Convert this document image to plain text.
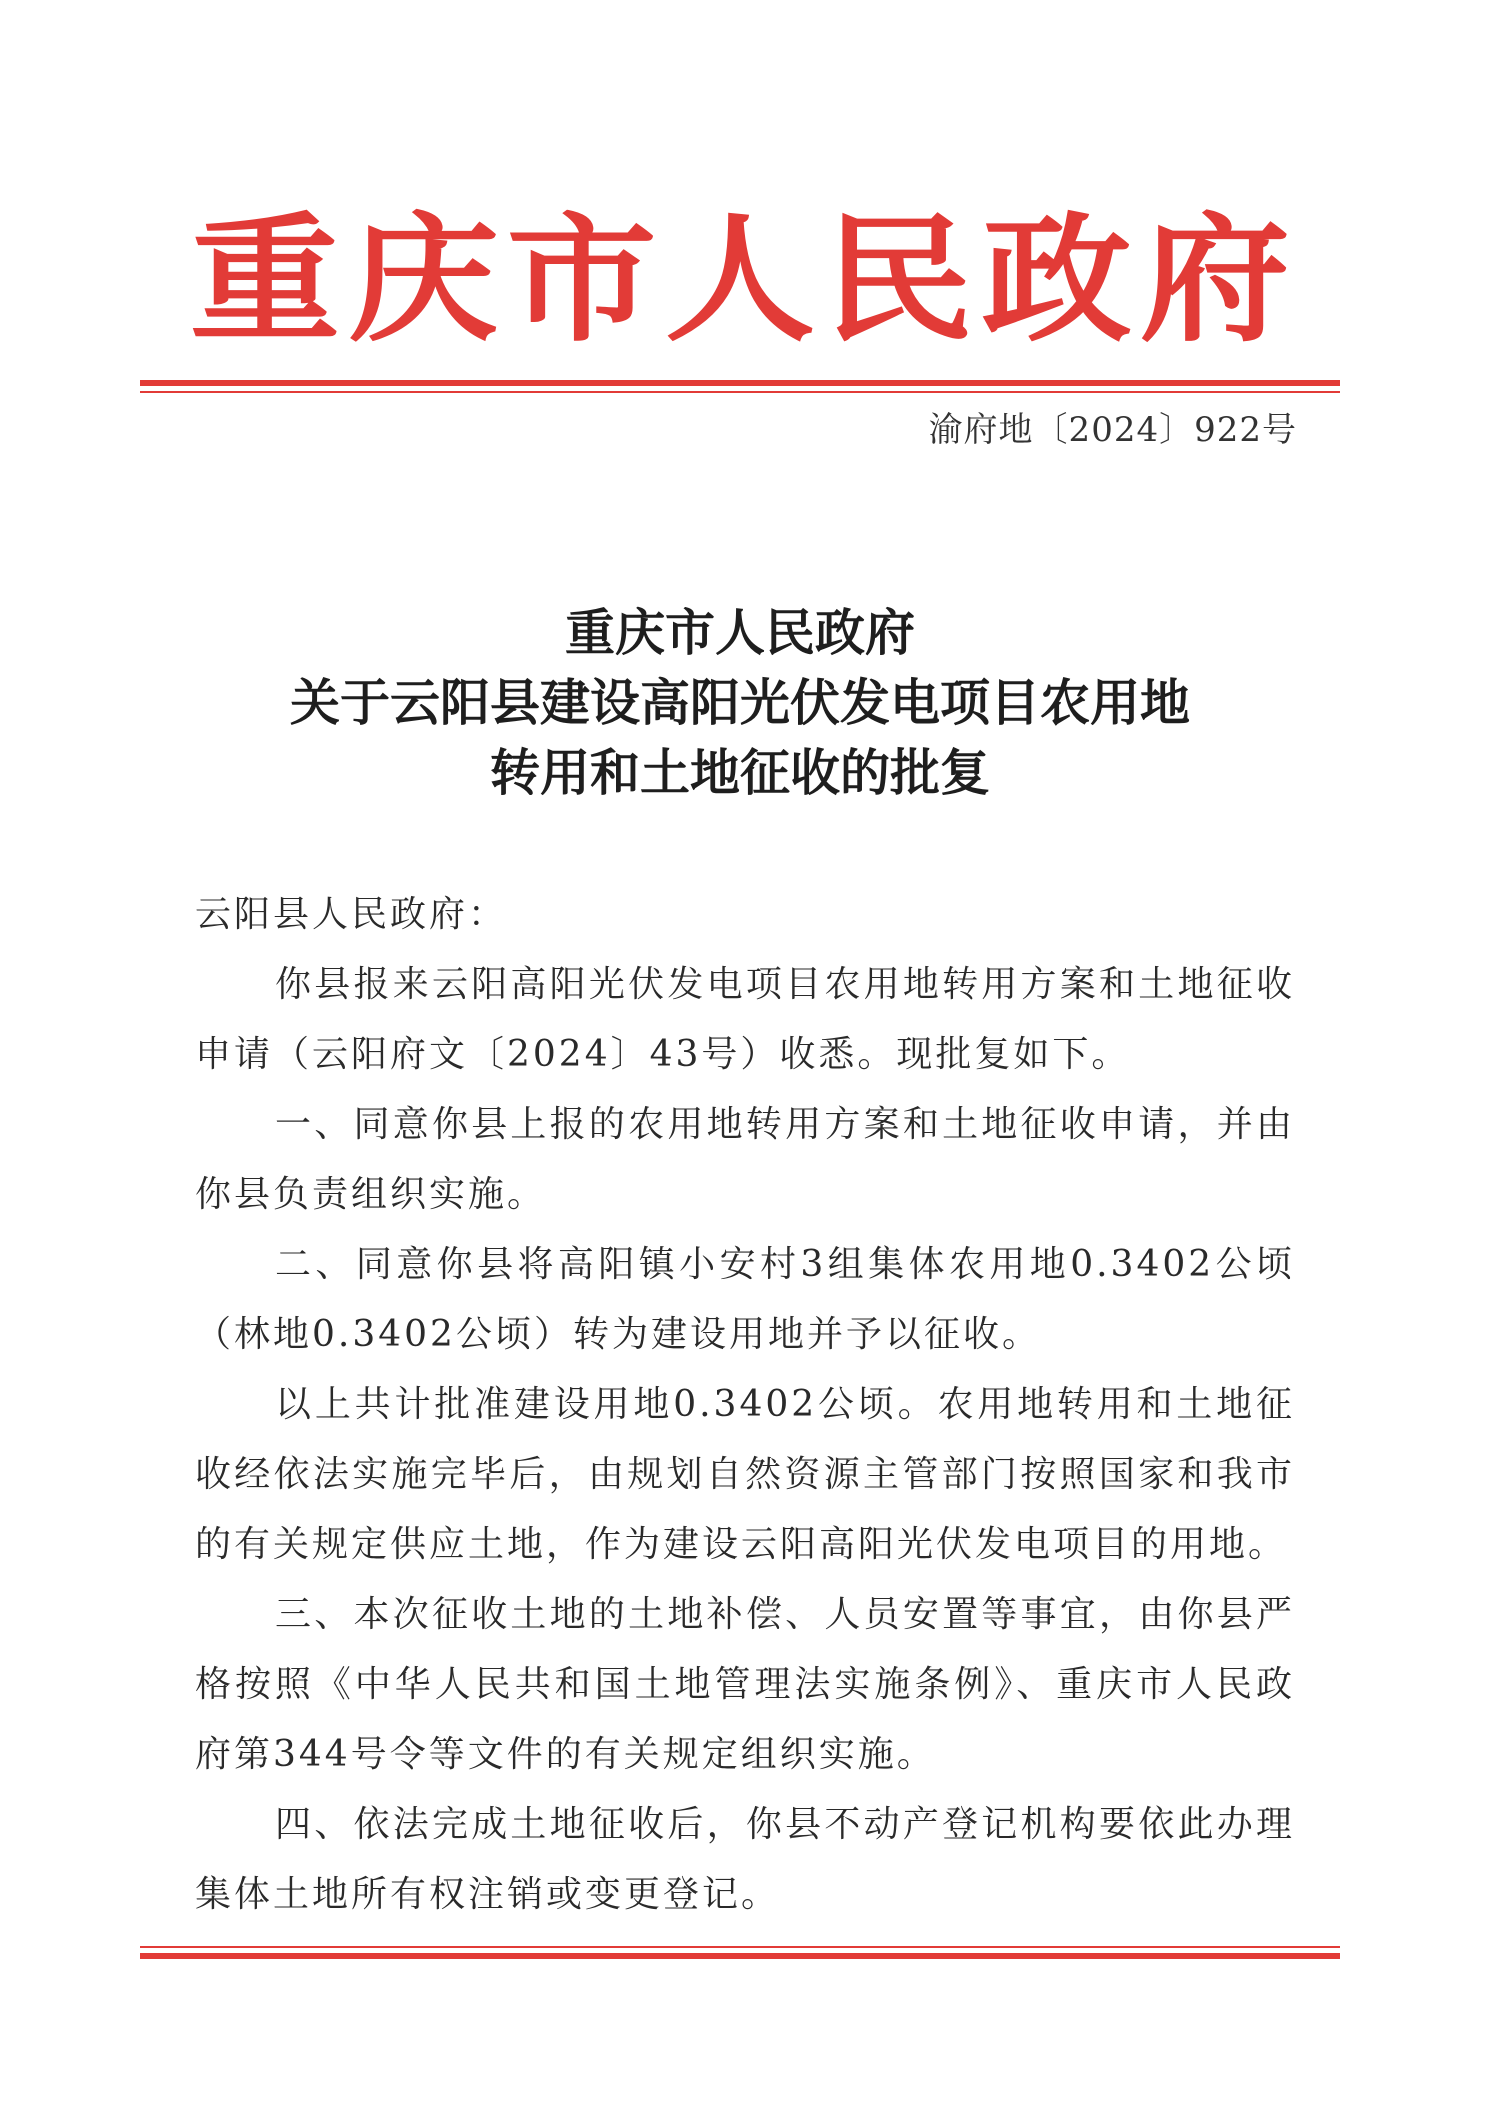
重 庆 市 人 民 政 府
渝府地〔2024〕922号
重庆市人民政府
关于云阳县建设高阳光伏发电项目农用地
转用和土地征收的批复
云阳县人民政府：

你县报来云阳高阳光伏发电项目农用地转用方案和土地征收申请（云阳府文〔2024〕43号）收悉。现批复如下。

一、同意你县上报的农用地转用方案和土地征收申请，并由你县负责组织实施。

二、同意你县将高阳镇小安村3组集体农用地0.3402公顷（林地0.3402公顷）转为建设用地并予以征收。

以上共计批准建设用地0.3402公顷。农用地转用和土地征收经依法实施完毕后，由规划自然资源主管部门按照国家和我市的有关规定供应土地，作为建设云阳高阳光伏发电项目的用地。

三、本次征收土地的土地补偿、人员安置等事宜，由你县严格按照《中华人民共和国土地管理法实施条例》、重庆市人民政府第344号令等文件的有关规定组织实施。

四、依法完成土地征收后，你县不动产登记机构要依此办理集体土地所有权注销或变更登记。
